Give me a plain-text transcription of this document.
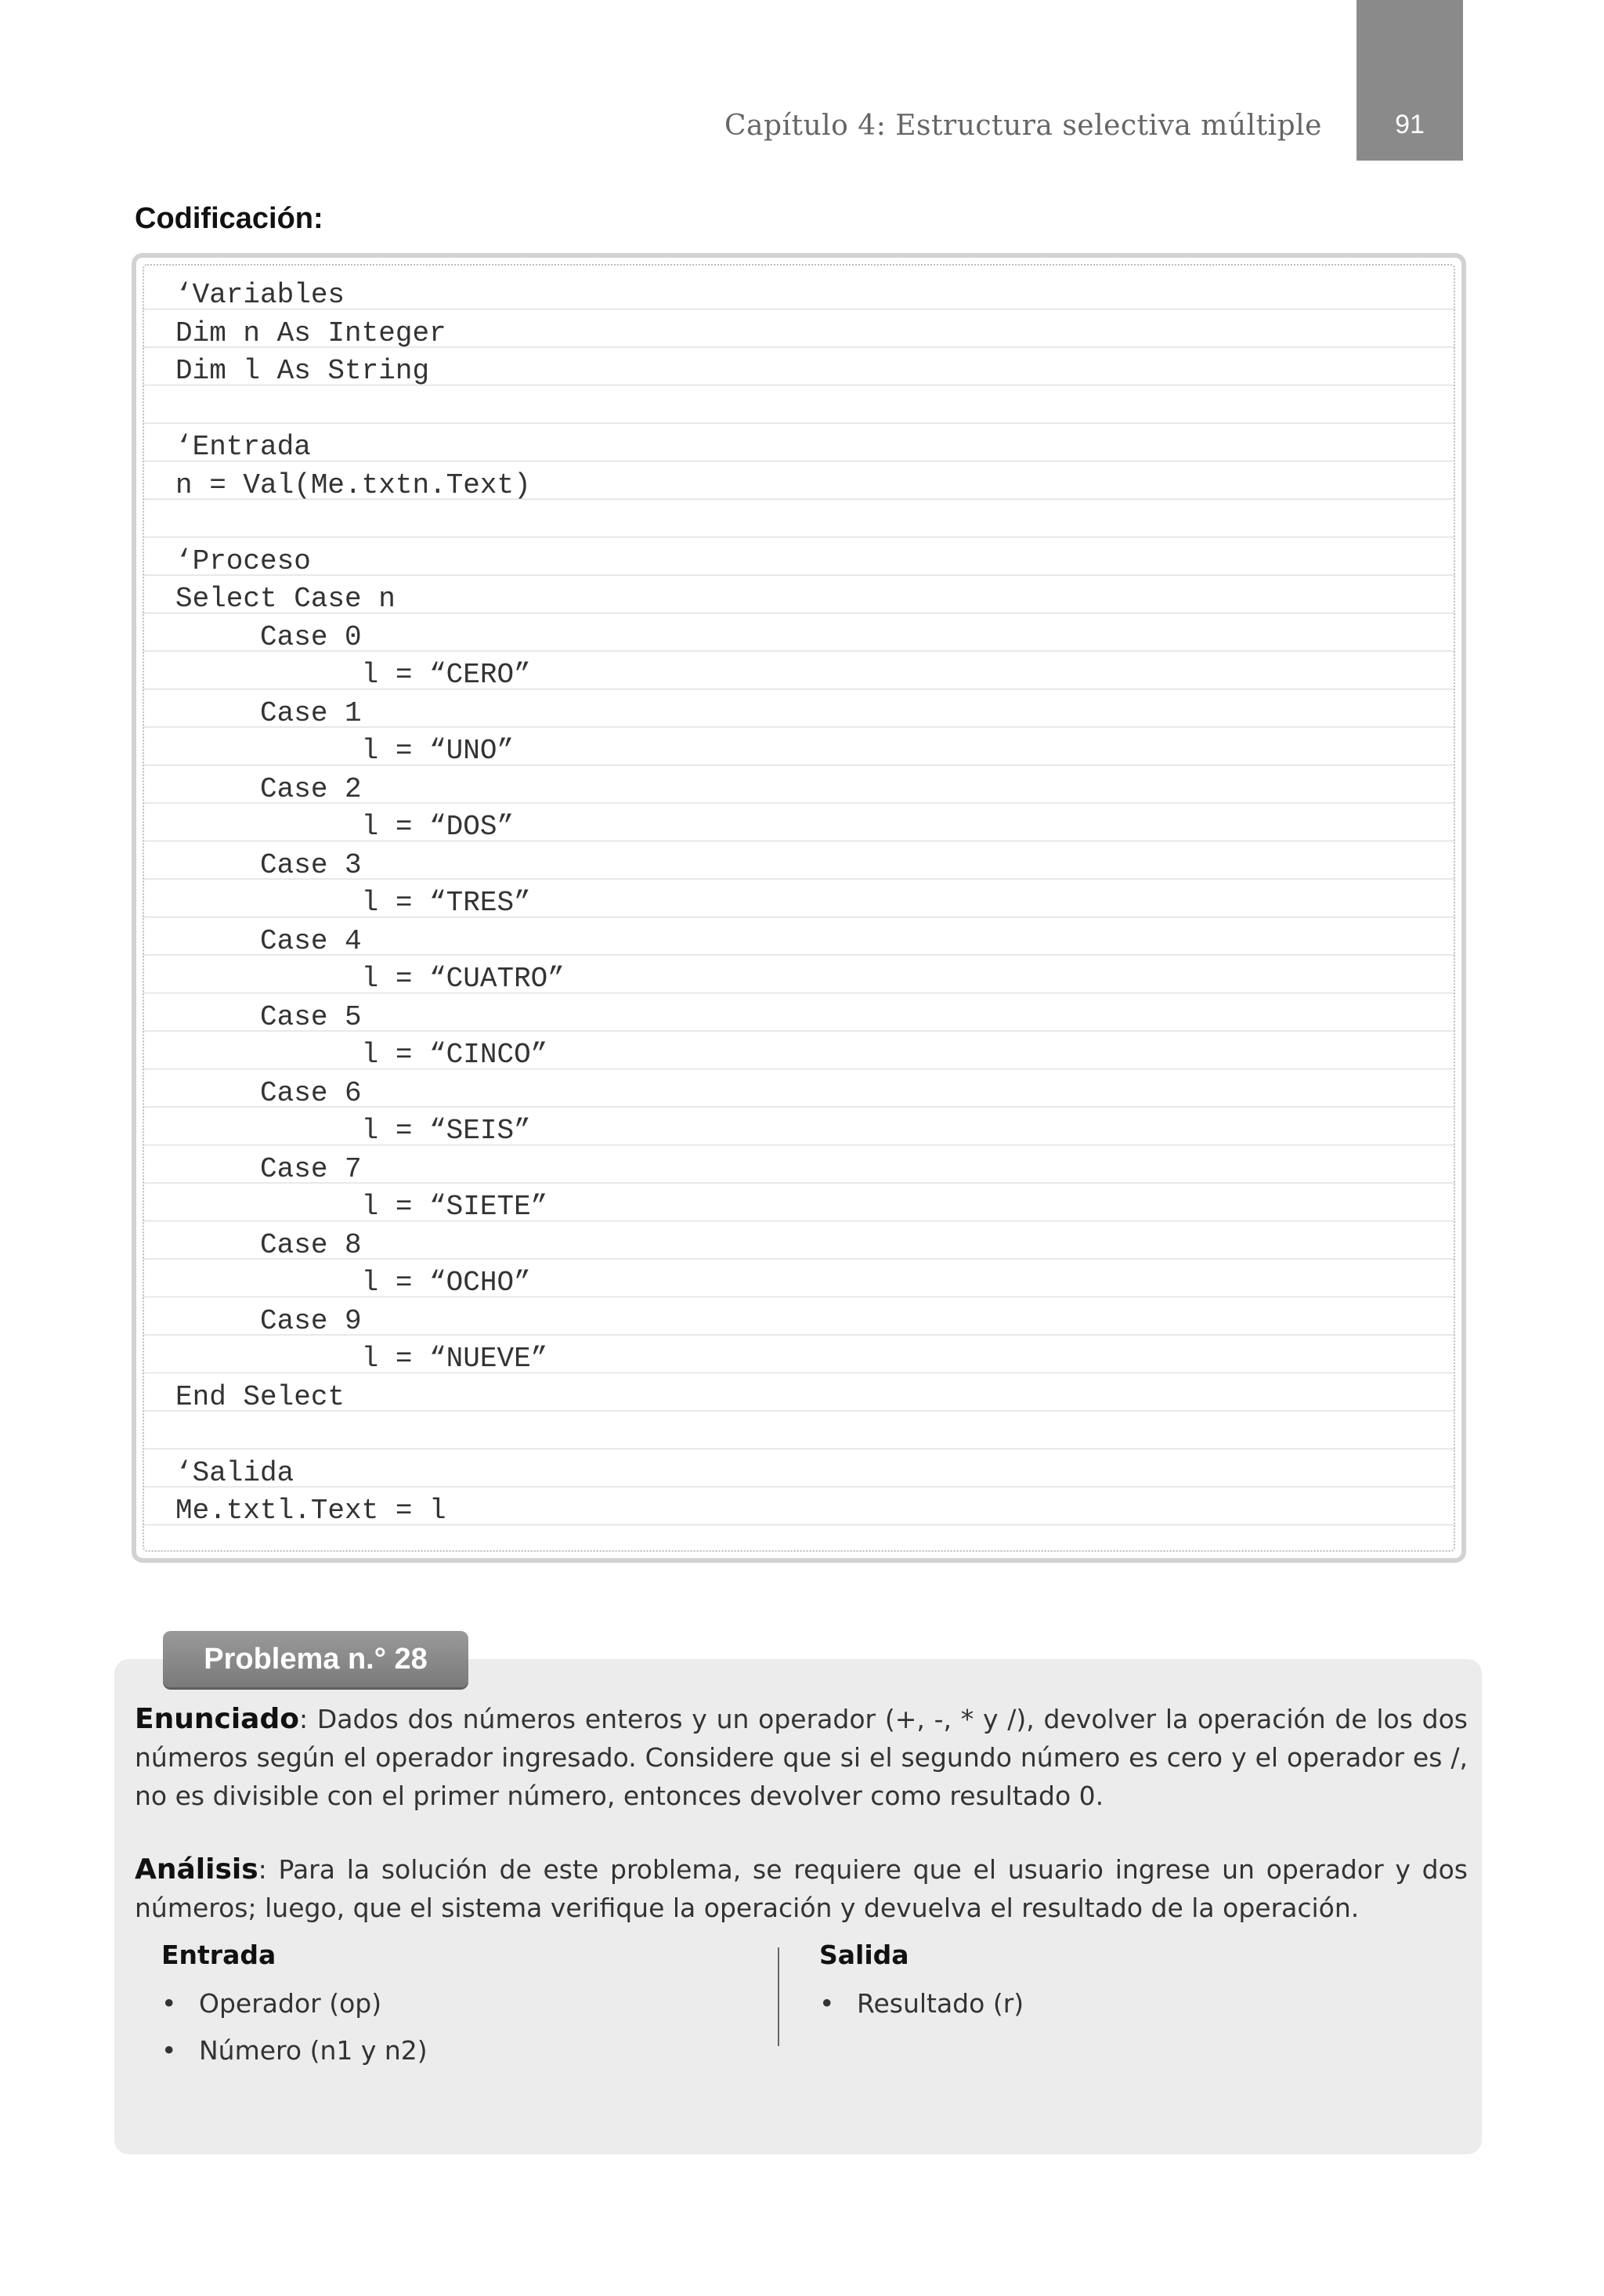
91
Capítulo 4: Estructura selectiva múltiple
Codificación:
‘Variables
Dim n As Integer
Dim l As String
‘Entrada
n = Val(Me.txtn.Text)
‘Proceso
Select Case n
Case 0
l = “CERO”
Case 1
l = “UNO”
Case 2
l = “DOS”
Case 3
l = “TRES”
Case 4
l = “CUATRO”
Case 5
l = “CINCO”
Case 6
l = “SEIS”
Case 7
l = “SIETE”
Case 8
l = “OCHO”
Case 9
l = “NUEVE”
End Select
‘Salida
Me.txtl.Text = l
Problema n.° 28
Enunciado: Dados dos números enteros y un operador (+, -, * y /), devolver la operación de los dos números según el operador ingresado. Considere que si el segundo número es cero y el operador es /, no es divisible con el primer número, entonces devolver como resultado 0.
Análisis: Para la solución de este problema, se requiere que el usuario ingrese un operador y dos números; luego, que el sistema verifique la operación y devuelva el resultado de la operación.
Entrada
• Operador (op)
• Número (n1 y n2)
Salida
• Resultado (r)
